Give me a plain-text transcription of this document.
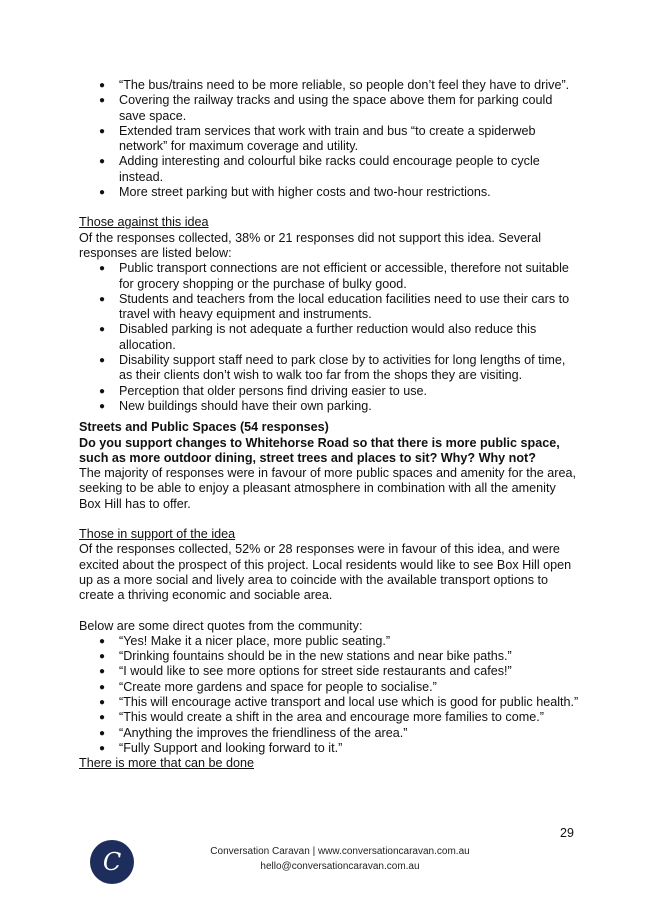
● “The bus/trains need to be more reliable, so people don’t feel they have to drive”.
● Covering the railway tracks and using the space above them for parking could save space.
● Extended tram services that work with train and bus “to create a spiderweb network” for maximum coverage and utility.
● Adding interesting and colourful bike racks could encourage people to cycle instead.
● More street parking but with higher costs and two-hour restrictions.
Those against this idea
Of the responses collected, 38% or 21 responses did not support this idea. Several responses are listed below:
● Public transport connections are not efficient or accessible, therefore not suitable for grocery shopping or the purchase of bulky good.
● Students and teachers from the local education facilities need to use their cars to travel with heavy equipment and instruments.
● Disabled parking is not adequate a further reduction would also reduce this allocation.
● Disability support staff need to park close by to activities for long lengths of time, as their clients don’t wish to walk too far from the shops they are visiting.
● Perception that older persons find driving easier to use.
● New buildings should have their own parking.
Streets and Public Spaces (54 responses)
Do you support changes to Whitehorse Road so that there is more public space, such as more outdoor dining, street trees and places to sit? Why? Why not?
The majority of responses were in favour of more public spaces and amenity for the area, seeking to be able to enjoy a pleasant atmosphere in combination with all the amenity Box Hill has to offer.
Those in support of the idea
Of the responses collected, 52% or 28 responses were in favour of this idea, and were excited about the prospect of this project. Local residents would like to see Box Hill open up as a more social and lively area to coincide with the available transport options to create a thriving economic and sociable area.
Below are some direct quotes from the community:
● “Yes! Make it a nicer place, more public seating.”
● “Drinking fountains should be in the new stations and near bike paths.”
● “I would like to see more options for street side restaurants and cafes!”
● “Create more gardens and space for people to socialise.”
● “This will encourage active transport and local use which is good for public health.”
● “This would create a shift in the area and encourage more families to come.”
● “Anything the improves the friendliness of the area.”
● “Fully Support and looking forward to it.”
There is more that can be done
29
C	Conversation Caravan | www.conversationcaravan.com.au
hello@conversationcaravan.com.au
